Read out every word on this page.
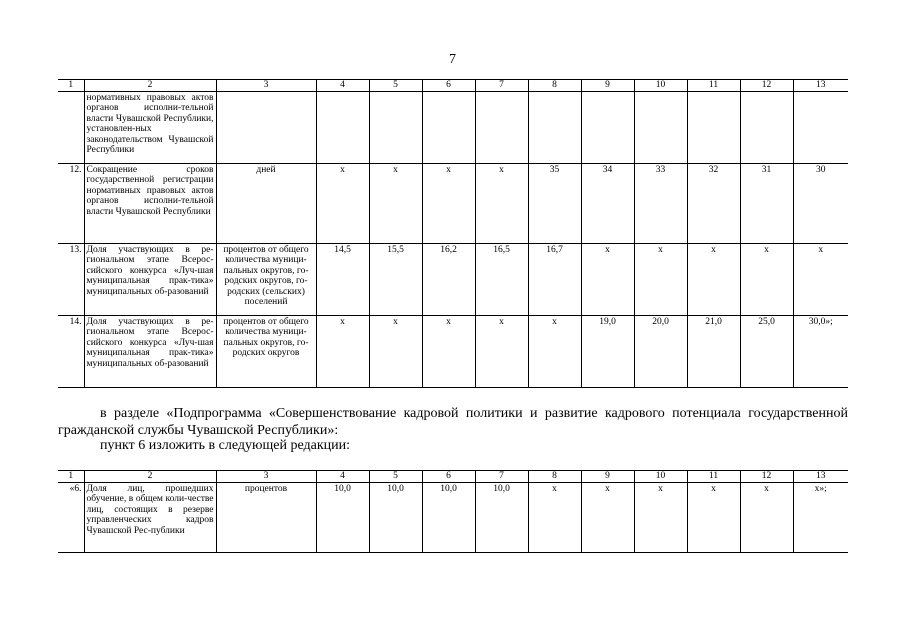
7
1	2	3	4	5	6	7	8	9	10	11	12	13
	нормативных правовых актов органов исполни-тельной власти Чувашской Республики, установлен-ных законодательством Чувашской Республики											
12.	Сокращение сроков государственной регистрации нормативных правовых актов органов исполни-тельной власти Чувашской Республики	дней	х	х	х	х	35	34	33	32	31	30
13.	Доля участвующих в ре-гиональном этапе Всерос-сийского конкурса «Луч-шая муниципальная прак-тика» муниципальных об-разований	процентов от общего количества муници-пальных округов, го-родских округов, го-родских (сельских) поселений	14,5	15,5	16,2	16,5	16,7	х	х	х	х	х
14.	Доля участвующих в ре-гиональном этапе Всерос-сийского конкурса «Луч-шая муниципальная прак-тика» муниципальных об-разований	процентов от общего количества муници-пальных округов, го-родских округов	х	х	х	х	х	19,0	20,0	21,0	25,0	30,0»;
в разделе «Подпрограмма «Совершенствование кадровой политики и развитие кадрового потенциала государственной гражданской службы Чувашской Республики»:
пункт 6 изложить в следующей редакции:
1	2	3	4	5	6	7	8	9	10	11	12	13
«6.	Доля лиц, прошедших обучение, в общем коли-честве лиц, состоящих в резерве управленческих кадров Чувашской Рес-публики	процентов	10,0	10,0	10,0	10,0	х	х	х	х	х	х»;
